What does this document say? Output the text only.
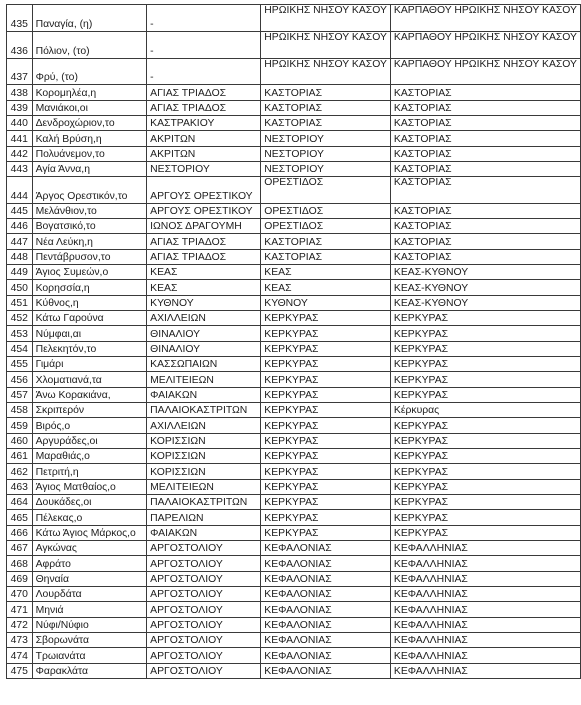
435	Παναγία, (η)	-	ΗΡΩΙΚΗΣ ΝΗΣΟΥ ΚΑΣΟΥ	ΚΑΡΠΑΘΟΥ ΗΡΩΙΚΗΣ ΝΗΣΟΥ ΚΑΣΟΥ
436	Πόλιον, (το)	-	ΗΡΩΙΚΗΣ ΝΗΣΟΥ ΚΑΣΟΥ	ΚΑΡΠΑΘΟΥ ΗΡΩΙΚΗΣ ΝΗΣΟΥ ΚΑΣΟΥ
437	Φρύ, (το)	-	ΗΡΩΙΚΗΣ ΝΗΣΟΥ ΚΑΣΟΥ	ΚΑΡΠΑΘΟΥ ΗΡΩΙΚΗΣ ΝΗΣΟΥ ΚΑΣΟΥ
438	Κορομηλέα,η	ΑΓΙΑΣ ΤΡΙΑΔΟΣ	ΚΑΣΤΟΡΙΑΣ	ΚΑΣΤΟΡΙΑΣ
439	Μανιάκοι,οι	ΑΓΙΑΣ ΤΡΙΑΔΟΣ	ΚΑΣΤΟΡΙΑΣ	ΚΑΣΤΟΡΙΑΣ
440	Δενδροχώριον,το	ΚΑΣΤΡΑΚΙΟΥ	ΚΑΣΤΟΡΙΑΣ	ΚΑΣΤΟΡΙΑΣ
441	Καλή Βρύση,η	ΑΚΡΙΤΩΝ	ΝΕΣΤΟΡΙΟΥ	ΚΑΣΤΟΡΙΑΣ
442	Πολυάνεμον,το	ΑΚΡΙΤΩΝ	ΝΕΣΤΟΡΙΟΥ	ΚΑΣΤΟΡΙΑΣ
443	Αγία Άννα,η	ΝΕΣΤΟΡΙΟΥ	ΝΕΣΤΟΡΙΟΥ	ΚΑΣΤΟΡΙΑΣ
444	Άργος Ορεστικόν,το	ΑΡΓΟΥΣ ΟΡΕΣΤΙΚΟΥ	ΟΡΕΣΤΙΔΟΣ	ΚΑΣΤΟΡΙΑΣ
445	Μελάνθιον,το	ΑΡΓΟΥΣ ΟΡΕΣΤΙΚΟΥ	ΟΡΕΣΤΙΔΟΣ	ΚΑΣΤΟΡΙΑΣ
446	Βογατσικό,το	ΙΩΝΟΣ ΔΡΑΓΟΥΜΗ	ΟΡΕΣΤΙΔΟΣ	ΚΑΣΤΟΡΙΑΣ
447	Νέα Λεύκη,η	ΑΓΙΑΣ ΤΡΙΑΔΟΣ	ΚΑΣΤΟΡΙΑΣ	ΚΑΣΤΟΡΙΑΣ
448	Πεντάβρυσον,το	ΑΓΙΑΣ ΤΡΙΑΔΟΣ	ΚΑΣΤΟΡΙΑΣ	ΚΑΣΤΟΡΙΑΣ
449	Άγιος Συμεών,ο	ΚΕΑΣ	ΚΕΑΣ	ΚΕΑΣ-ΚΥΘΝΟΥ
450	Κορησσία,η	ΚΕΑΣ	ΚΕΑΣ	ΚΕΑΣ-ΚΥΘΝΟΥ
451	Κύθνος,η	ΚΥΘΝΟΥ	ΚΥΘΝΟΥ	ΚΕΑΣ-ΚΥΘΝΟΥ
452	Κάτω Γαρούνα	ΑΧΙΛΛΕΙΩΝ	ΚΕΡΚΥΡΑΣ	ΚΕΡΚΥΡΑΣ
453	Νύμφαι,αι	ΘΙΝΑΛΙΟΥ	ΚΕΡΚΥΡΑΣ	ΚΕΡΚΥΡΑΣ
454	Πελεκητόν,το	ΘΙΝΑΛΙΟΥ	ΚΕΡΚΥΡΑΣ	ΚΕΡΚΥΡΑΣ
455	Γιμάρι	ΚΑΣΣΩΠΑΙΩΝ	ΚΕΡΚΥΡΑΣ	ΚΕΡΚΥΡΑΣ
456	Χλοματιανά,τα	ΜΕΛΙΤΕΙΕΩΝ	ΚΕΡΚΥΡΑΣ	ΚΕΡΚΥΡΑΣ
457	Άνω Κορακιάνα,	ΦΑΙΑΚΩΝ	ΚΕΡΚΥΡΑΣ	ΚΕΡΚΥΡΑΣ
458	Σκριπερόν	ΠΑΛΑΙΟΚΑΣΤΡΙΤΩΝ	ΚΕΡΚΥΡΑΣ	Κέρκυρας
459	Βιρός,ο	ΑΧΙΛΛΕΙΩΝ	ΚΕΡΚΥΡΑΣ	ΚΕΡΚΥΡΑΣ
460	Αργυράδες,οι	ΚΟΡΙΣΣΙΩΝ	ΚΕΡΚΥΡΑΣ	ΚΕΡΚΥΡΑΣ
461	Μαραθιάς,ο	ΚΟΡΙΣΣΙΩΝ	ΚΕΡΚΥΡΑΣ	ΚΕΡΚΥΡΑΣ
462	Πετριτή,η	ΚΟΡΙΣΣΙΩΝ	ΚΕΡΚΥΡΑΣ	ΚΕΡΚΥΡΑΣ
463	Άγιος Ματθαίος,ο	ΜΕΛΙΤΕΙΕΩΝ	ΚΕΡΚΥΡΑΣ	ΚΕΡΚΥΡΑΣ
464	Δουκάδες,οι	ΠΑΛΑΙΟΚΑΣΤΡΙΤΩΝ	ΚΕΡΚΥΡΑΣ	ΚΕΡΚΥΡΑΣ
465	Πέλεκας,ο	ΠΑΡΕΛΙΩΝ	ΚΕΡΚΥΡΑΣ	ΚΕΡΚΥΡΑΣ
466	Κάτω Άγιος Μάρκος,ο	ΦΑΙΑΚΩΝ	ΚΕΡΚΥΡΑΣ	ΚΕΡΚΥΡΑΣ
467	Αγκώνας	ΑΡΓΟΣΤΟΛΙΟΥ	ΚΕΦΑΛΟΝΙΑΣ	ΚΕΦΑΛΛΗΝΙΑΣ
468	Αφράτο	ΑΡΓΟΣΤΟΛΙΟΥ	ΚΕΦΑΛΟΝΙΑΣ	ΚΕΦΑΛΛΗΝΙΑΣ
469	Θηναία	ΑΡΓΟΣΤΟΛΙΟΥ	ΚΕΦΑΛΟΝΙΑΣ	ΚΕΦΑΛΛΗΝΙΑΣ
470	Λουρδάτα	ΑΡΓΟΣΤΟΛΙΟΥ	ΚΕΦΑΛΟΝΙΑΣ	ΚΕΦΑΛΛΗΝΙΑΣ
471	Μηνιά	ΑΡΓΟΣΤΟΛΙΟΥ	ΚΕΦΑΛΟΝΙΑΣ	ΚΕΦΑΛΛΗΝΙΑΣ
472	Νύφι/Νύφιο	ΑΡΓΟΣΤΟΛΙΟΥ	ΚΕΦΑΛΟΝΙΑΣ	ΚΕΦΑΛΛΗΝΙΑΣ
473	Σβορωνάτα	ΑΡΓΟΣΤΟΛΙΟΥ	ΚΕΦΑΛΟΝΙΑΣ	ΚΕΦΑΛΛΗΝΙΑΣ
474	Τρωιανάτα	ΑΡΓΟΣΤΟΛΙΟΥ	ΚΕΦΑΛΟΝΙΑΣ	ΚΕΦΑΛΛΗΝΙΑΣ
475	Φαρακλάτα	ΑΡΓΟΣΤΟΛΙΟΥ	ΚΕΦΑΛΟΝΙΑΣ	ΚΕΦΑΛΛΗΝΙΑΣ
